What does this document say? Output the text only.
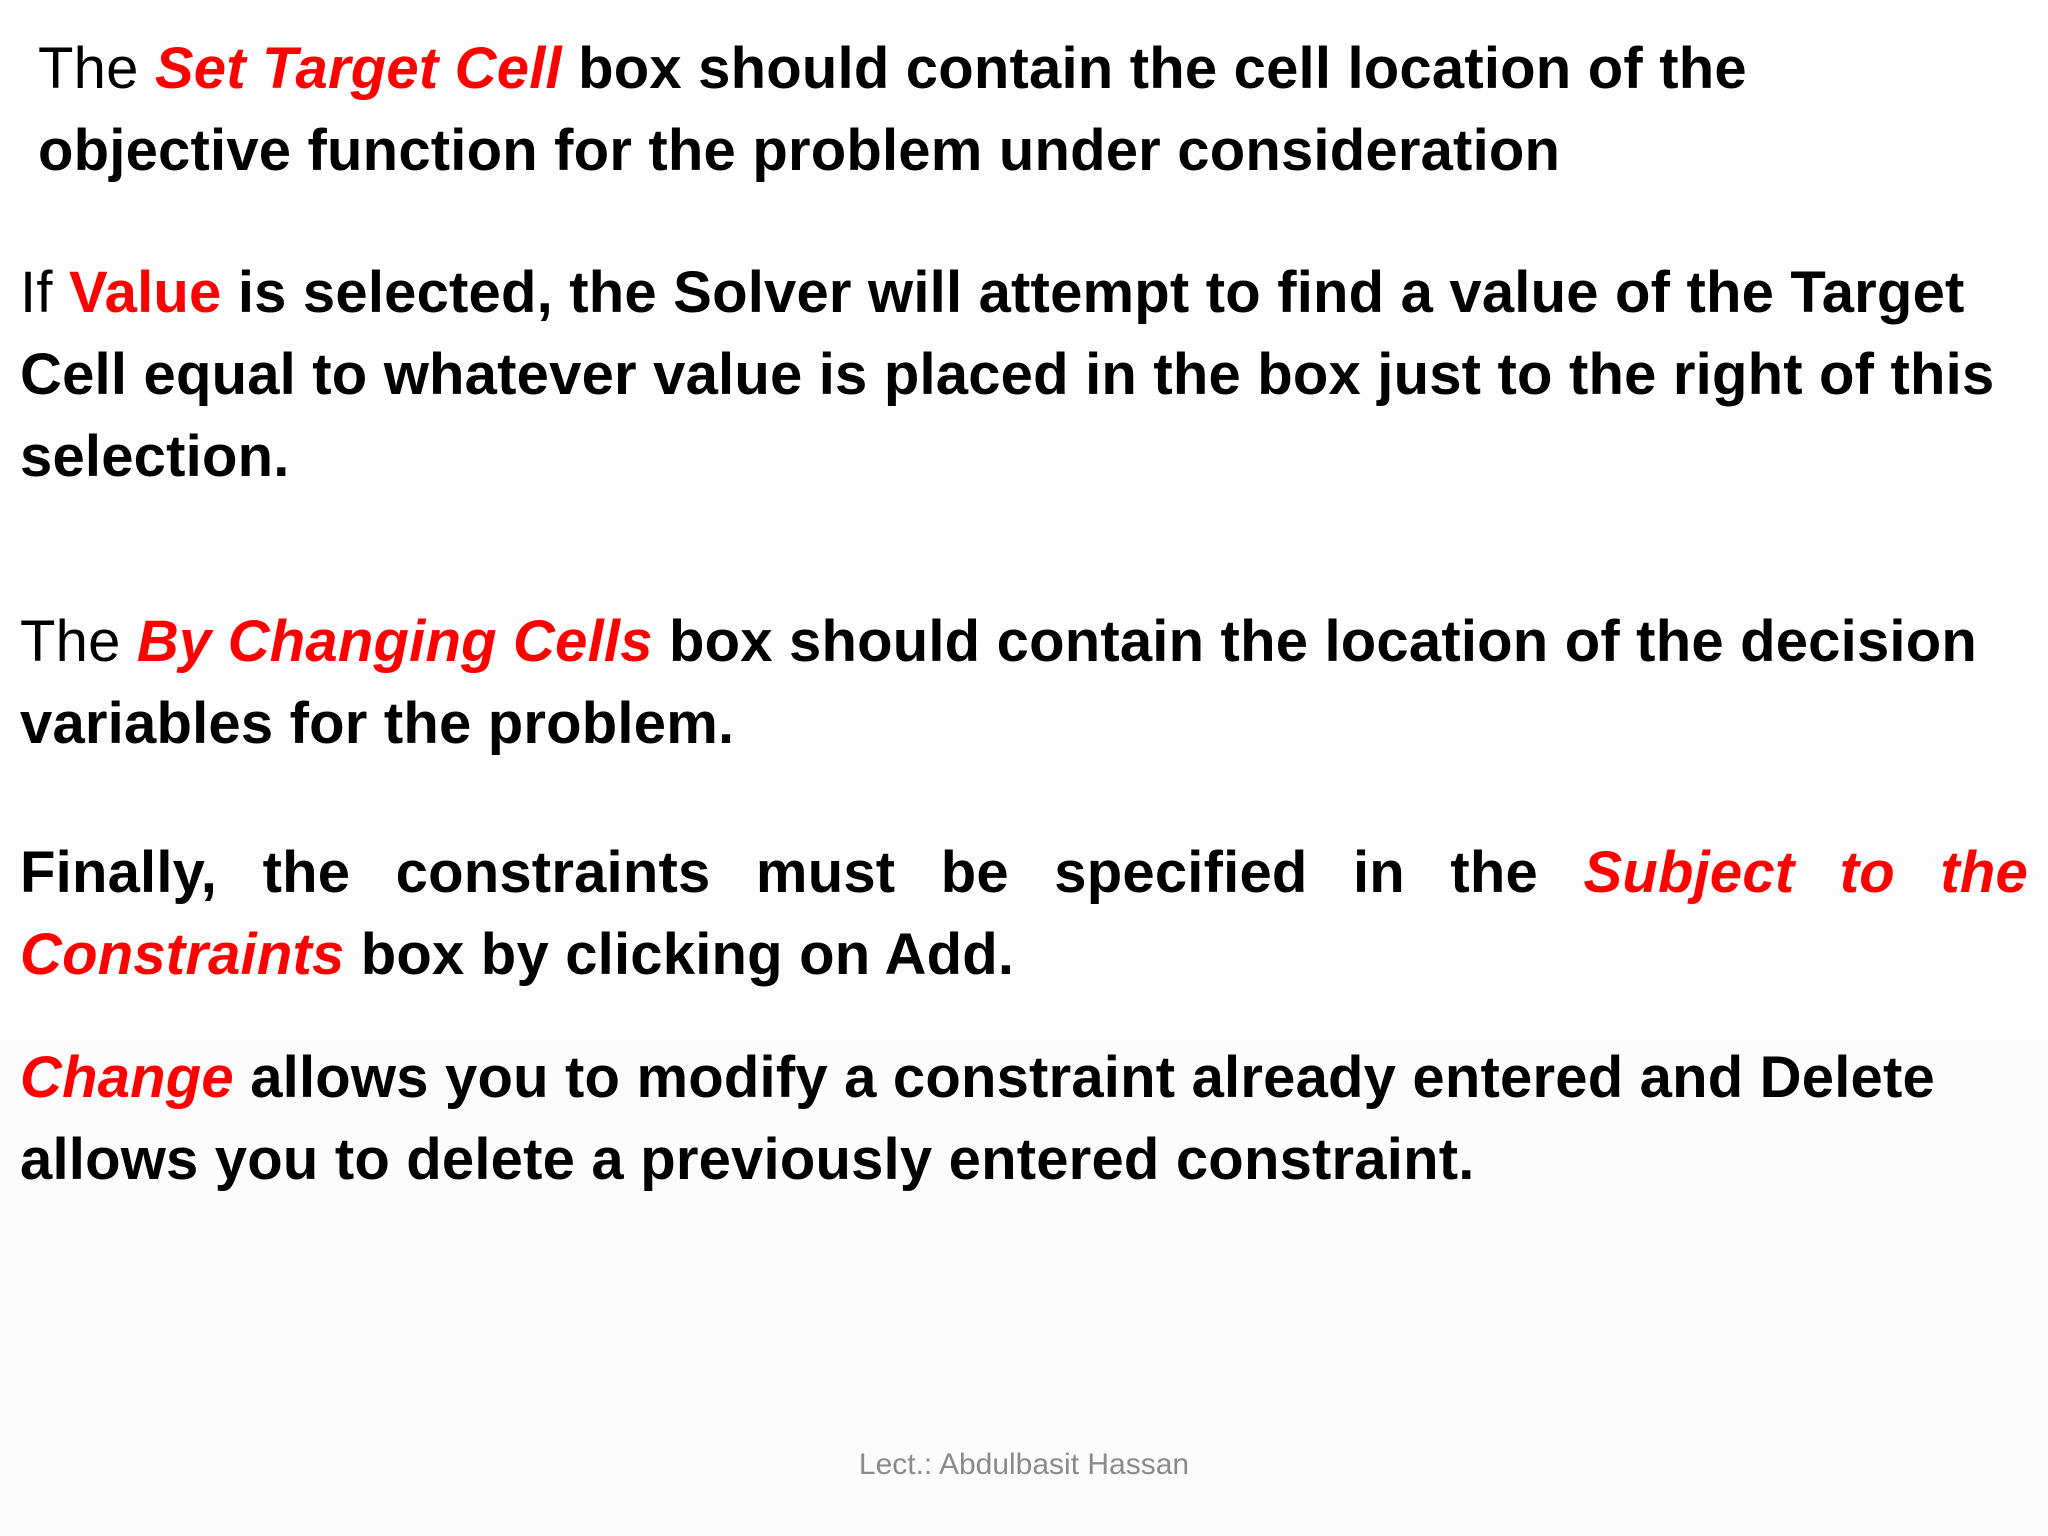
The Set Target Cell box should contain the cell location of the objective function for the problem under consideration

If Value is selected, the Solver will attempt to find a value of the Target Cell equal to whatever value is placed in the box just to the right of this selection.

The By Changing Cells box should contain the location of the decision variables for the problem.

Finally, the constraints must be specified in the Subject to the Constraints box by clicking on Add.

Change allows you to modify a constraint already entered and Delete allows you to delete a previously entered constraint.

Lect.: Abdulbasit Hassan
